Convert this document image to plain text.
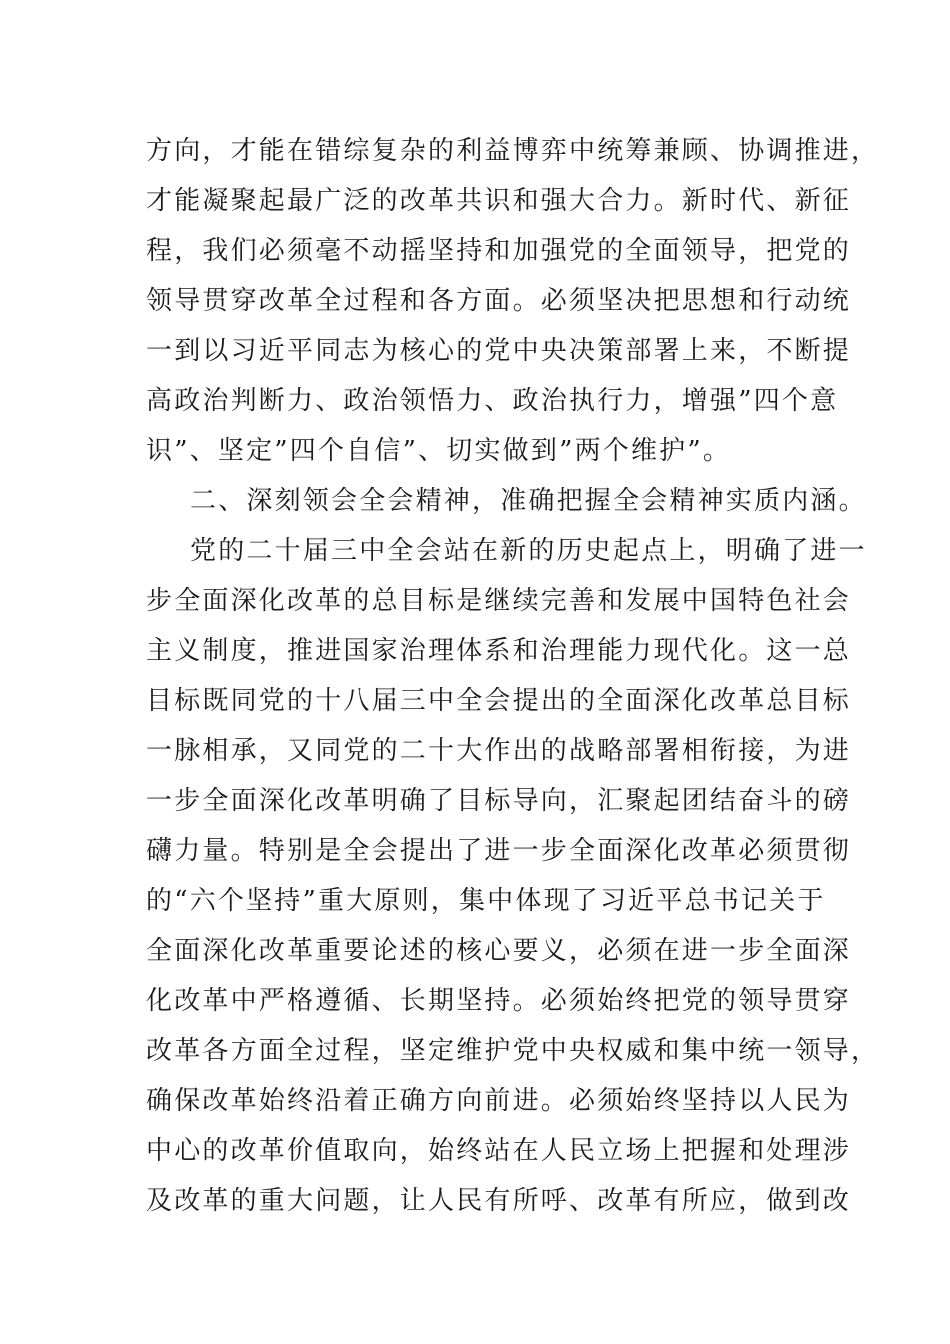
方向，才能在错综复杂的利益博弈中统筹兼顾、协调推进，
才能凝聚起最广泛的改革共识和强大合力。新时代、新征
程，我们必须毫不动摇坚持和加强党的全面领导，把党的
领导贯穿改革全过程和各方面。必须坚决把思想和行动统
一到以习近平同志为核心的党中央决策部署上来，不断提
高政治判断力、政治领悟力、政治执行力，增强”四个意
识”、坚定”四个自信”、切实做到”两个维护”。
二、深刻领会全会精神，准确把握全会精神实质内涵。
党的二十届三中全会站在新的历史起点上，明确了进一
步全面深化改革的总目标是继续完善和发展中国特色社会
主义制度，推进国家治理体系和治理能力现代化。这一总
目标既同党的十八届三中全会提出的全面深化改革总目标
一脉相承，又同党的二十大作出的战略部署相衔接，为进
一步全面深化改革明确了目标导向，汇聚起团结奋斗的磅
礴力量。特别是全会提出了进一步全面深化改革必须贯彻
的“六个坚持”重大原则，集中体现了习近平总书记关于
全面深化改革重要论述的核心要义，必须在进一步全面深
化改革中严格遵循、长期坚持。必须始终把党的领导贯穿
改革各方面全过程，坚定维护党中央权威和集中统一领导，
确保改革始终沿着正确方向前进。必须始终坚持以人民为
中心的改革价值取向，始终站在人民立场上把握和处理涉
及改革的重大问题，让人民有所呼、改革有所应，做到改
